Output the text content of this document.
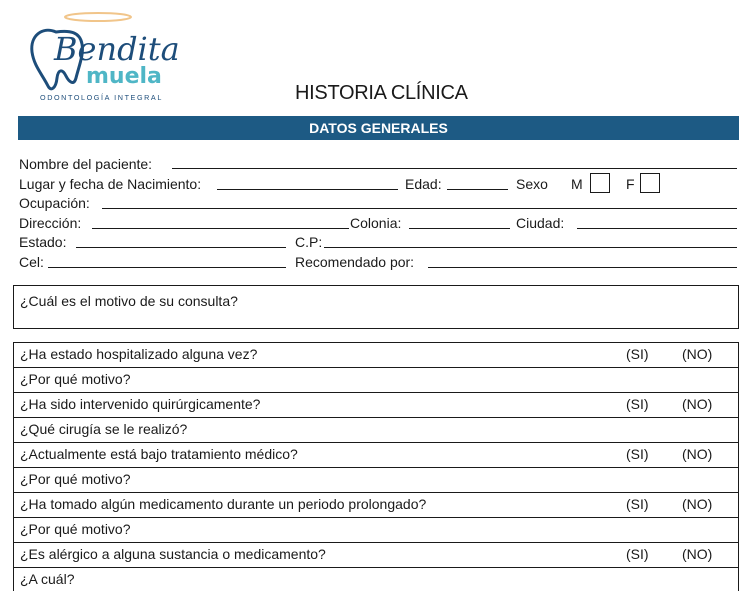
Bendita
muela
ODONTOLOGÍA INTEGRAL	HISTORIA CLÍNICA
DATOS GENERALES
Nombre del paciente:
Lugar y fecha de Nacimiento:	Edad:	Sexo M	F
Ocupación:
Dirección:	Colonia:	Ciudad:
Estado:	C.P:
Cel:	Recomendado por:
¿Cuál es el motivo de su consulta?
¿Ha estado hospitalizado alguna vez?	(SI) (NO)
¿Por qué motivo?
¿Ha sido intervenido quirúrgicamente?	(SI) (NO)
¿Qué cirugía se le realizó?
¿Actualmente está bajo tratamiento médico?	(SI) (NO)
¿Por qué motivo?
¿Ha tomado algún medicamento durante un periodo prolongado?	(SI) (NO)
¿Por qué motivo?
¿Es alérgico a alguna sustancia o medicamento?	(SI) (NO)
¿A cuál?
